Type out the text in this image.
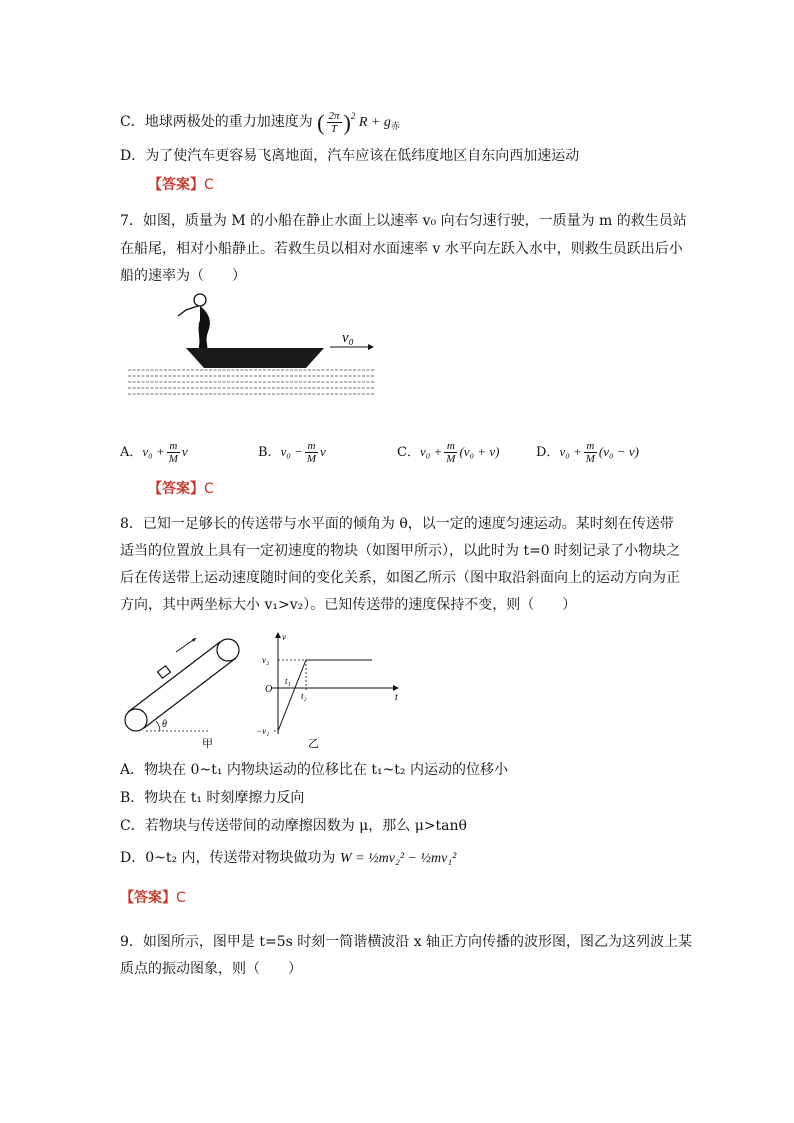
C．地球两极处的重力加速度为 ( $\frac{2\pi}{T} )^2$ $R + g_赤$
D．为了使汽车更容易飞离地面，汽车应该在低纬度地区自东向西加速运动
【答案】C
7．如图，质量为 M 的小船在静止水面上以速率 v₀ 向右匀速行驶，一质量为 m 的救生员站
在船尾，相对小船静止。若救生员以相对水面速率 v 水平向左跃入水中，则救生员跃出后小
船的速率为（　　）
v₀
A．$v_0 + \frac{m}{M}$ v	B．$v_0 - \frac{m}{M}$ v	C．$v_0 + \frac{m}{M} (v_0 + v)$	D．$v_0 + \frac{m}{M} (v_0 - v)$
【答案】C
8．已知一足够长的传送带与水平面的倾角为 θ，以一定的速度匀速运动。某时刻在传送带
适当的位置放上具有一定初速度的物块（如图甲所示），以此时为 t=0 时刻记录了小物块之
后在传送带上运动速度随时间的变化关系，如图乙所示（图中取沿斜面向上的运动方向为正
方向，其中两坐标大小 v₁>v₂）。已知传送带的速度保持不变，则（　　）
θ
甲
v
t
O
v₂
−v₁
t₁
t₂
乙
A．物块在 0~t₁ 内物块运动的位移比在 t₁~t₂ 内运动的位移小
B．物块在 t₁ 时刻摩擦力反向
C．若物块与传送带间的动摩擦因数为 μ，那么 μ>tanθ
D．0~t₂ 内，传送带对物块做功为 W = ½mv₂² − ½mv₁²
【答案】C
9．如图所示，图甲是 t=5s 时刻一简谐横波沿 x 轴正方向传播的波形图，图乙为这列波上某
质点的振动图象，则（　　）
